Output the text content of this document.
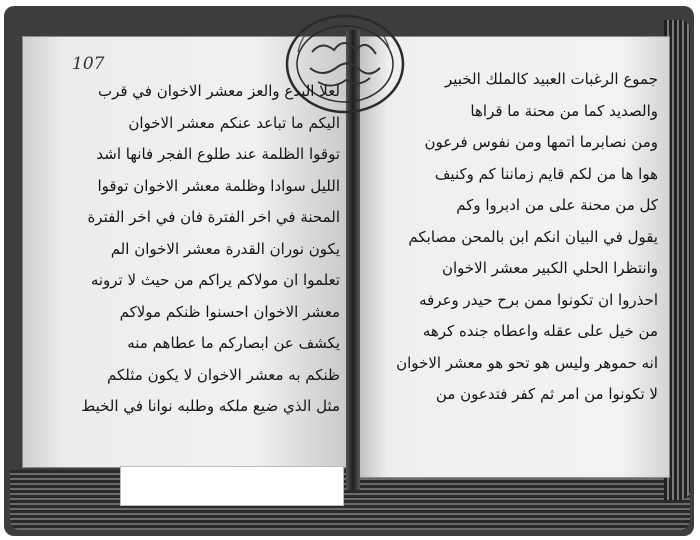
107
لعلا البدع والعز معشر الاخوان في قرب
اليكم ما تباعد عنكم معشر الاخوان
توقوا الظلمة عند طلوع الفجر فانها اشد
الليل سوادا وظلمة معشر الاخوان توقوا
المحنة في اخر الفترة فان في اخر الفترة
يكون نوران القدرة معشر الاخوان الم
تعلموا ان مولاكم يراكم من حيث لا ترونه
معشر الاخوان احسنوا ظنكم مولاكم
يكشف عن ابصاركم ما عطاهم منه
ظنكم به معشر الاخوان لا يكون مثلكم
مثل الذي ضيع ملكه وطلبه نوانا في الخيط
جموع الرغبات العبيد كالملك الخبير
والصديد كما من محنة ما قراها
ومن نصابرما اتمها ومن نفوس فرعون
هوا ها من لكم قايم زماننا كم وكنيف
كل من محنة على من ادبروا وكم
يقول في البيان انكم ابن بالمحن مصابكم
وانتظرا الحلي الكبير معشر الاخوان
احذروا ان تكونوا ممن برح حيدر وعرفه
من خيل على عقله واعطاه جنده كرهه
انه حموهر وليس هو تحو هو معشر الاخوان
لا تكونوا من امر ثم كفر فتدعون من
